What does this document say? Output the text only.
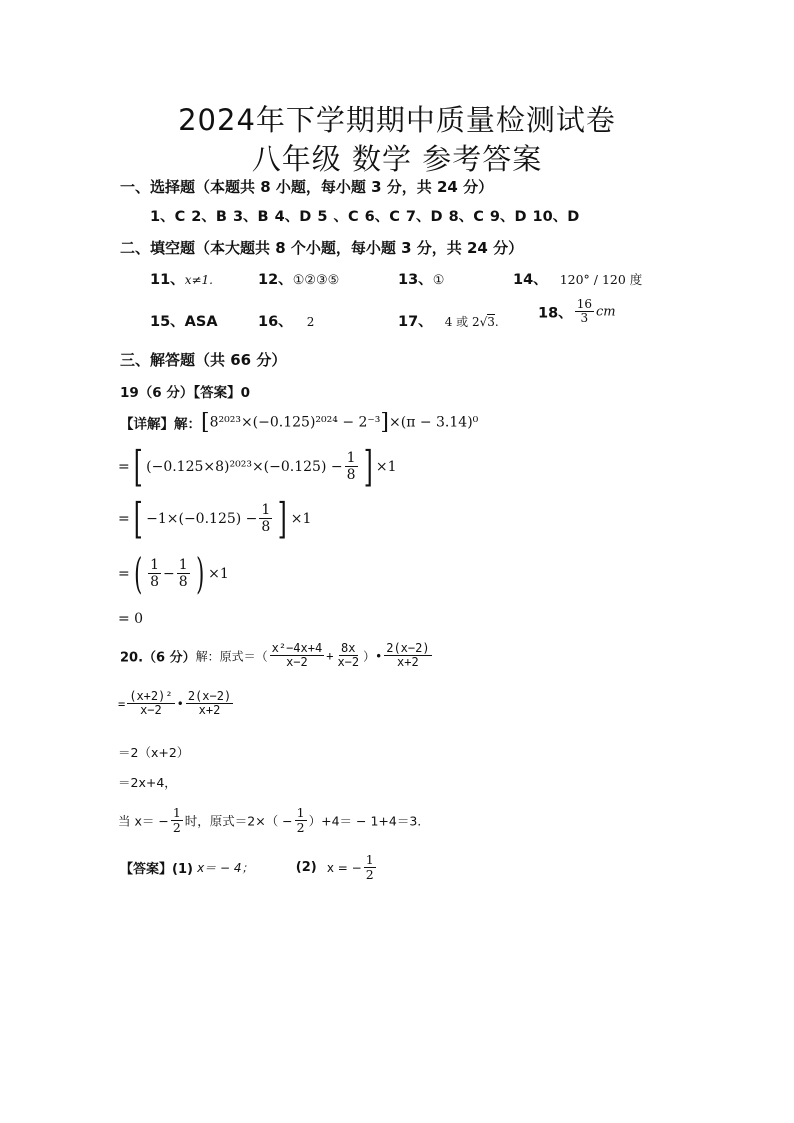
2024年下学期期中质量检测试卷
八年级 数学 参考答案
一、选择题（本题共 8 小题，每小题 3 分，共 24 分）
1、C 2、B 3、B 4、D 5 、C 6、C 7、D 8、C 9、D 10、D
二、填空题（本大题共 8 个小题，每小题 3 分，共 24 分）
11、x≠1.	12、①②③⑤	13、①	14、 120° / 120 度
15、ASA	16、 2	17、 4 或 2√3.
18、 $\frac{16}{3}$ cm
三、解答题（共 66 分）
19（6 分）【答案】0
【详解】解：[8²⁰²³×(−0.125)²⁰²⁴ − 2⁻³]×(π − 3.14)⁰
=[ $(-0.125\times 8)^{2023}\times(-0.125) - \frac{1}{8}$ ] ×1
=[ $-1\times(-0.125) - \frac{1}{8}$ ] ×1
=( $\frac{1}{8} - \frac{1}{8}$ ) ×1
= 0
20.（6 分）解：原式＝（ $\frac{\text{x²−4x+4}}{x-2} + \frac{8x}{x-2}$ ）• $\frac{2(x-2)}{x+2}$
= $\frac{\text{(x+2)²}}{x-2}$ • $\frac{2(x-2)}{x+2}$
＝2（x+2）
＝2x+4，
当 $x= - \frac{1}{2}$ 时，原式$=2\times( - \frac{1}{2} )+4= - 1+4=3$.
【答案】(1) x＝ − 4；	(2) x = − $\frac{1}{2}$
